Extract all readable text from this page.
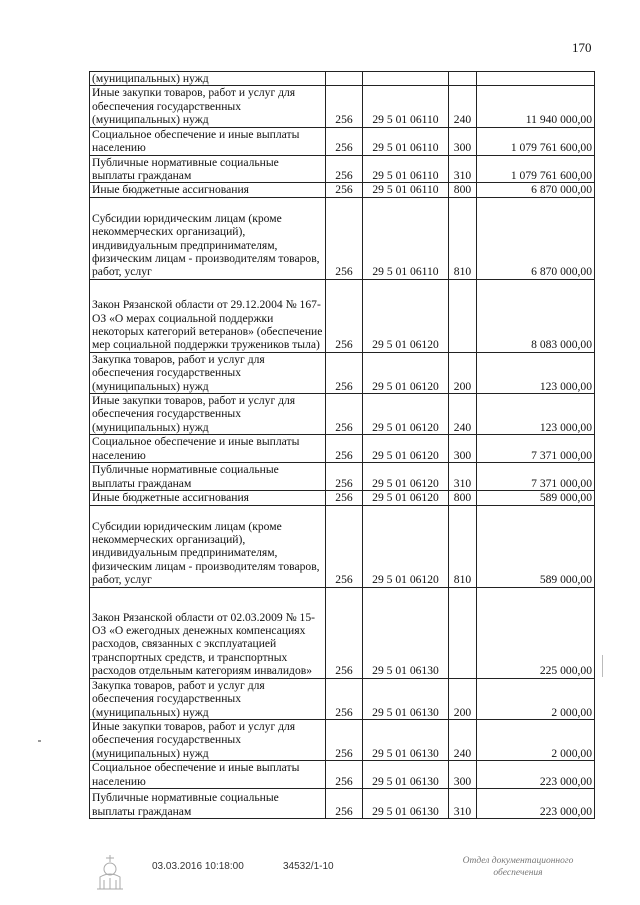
170
(муниципальных) нужд				
Иные закупки товаров, работ и услуг для обеспечения государственных (муниципальных) нужд	256	29 5 01 06110	240	11 940 000,00
Социальное обеспечение и иные выплаты населению	256	29 5 01 06110	300	1 079 761 600,00
Публичные нормативные социальные выплаты гражданам	256	29 5 01 06110	310	1 079 761 600,00
Иные бюджетные ассигнования	256	29 5 01 06110	800	6 870 000,00
Субсидии юридическим лицам (кроме некоммерческих организаций), индивидуальным предпринимателям, физическим лицам - производителям товаров, работ, услуг	256	29 5 01 06110	810	6 870 000,00
Закон Рязанской области от 29.12.2004 № 167-ОЗ «О мерах социальной поддержки некоторых категорий ветеранов» (обеспечение мер социальной поддержки тружеников тыла)	256	29 5 01 06120		8 083 000,00
Закупка товаров, работ и услуг для обеспечения государственных (муниципальных) нужд	256	29 5 01 06120	200	123 000,00
Иные закупки товаров, работ и услуг для обеспечения государственных (муниципальных) нужд	256	29 5 01 06120	240	123 000,00
Социальное обеспечение и иные выплаты населению	256	29 5 01 06120	300	7 371 000,00
Публичные нормативные социальные выплаты гражданам	256	29 5 01 06120	310	7 371 000,00
Иные бюджетные ассигнования	256	29 5 01 06120	800	589 000,00
Субсидии юридическим лицам (кроме некоммерческих организаций), индивидуальным предпринимателям, физическим лицам - производителям товаров, работ, услуг	256	29 5 01 06120	810	589 000,00
Закон Рязанской области от 02.03.2009 № 15-ОЗ «О ежегодных денежных компенсациях расходов, связанных с эксплуатацией транспортных средств, и транспортных расходов отдельным категориям инвалидов»	256	29 5 01 06130		225 000,00
Закупка товаров, работ и услуг для обеспечения государственных (муниципальных) нужд	256	29 5 01 06130	200	2 000,00
Иные закупки товаров, работ и услуг для обеспечения государственных (муниципальных) нужд	256	29 5 01 06130	240	2 000,00
Социальное обеспечение и иные выплаты населению	256	29 5 01 06130	300	223 000,00
Публичные нормативные социальные выплаты гражданам	256	29 5 01 06130	310	223 000,00
03.03.2016 10:18:00	34532/1-10	Отдел документационного
обеспечения
